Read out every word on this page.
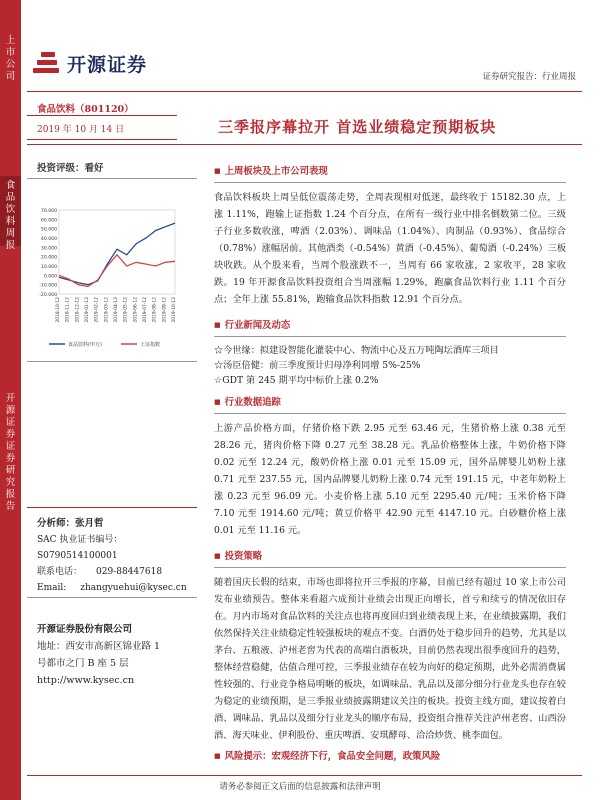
上
市
公
司
食
品
饮
料
周
报
开
源
证
券
证
券
研
究
报
告
开源证券
证券研究报告：行业周报
食品饮料（801120）
2019 年 10 月 14 日	三季报序幕拉开 首选业绩稳定预期板块
投资评级：看好
70.000
60.000
50.000
40.000
30.000
20.000
10.000
0.000
-10.000
-20.000
2018-10-12 2018-11-12 2018-12-12 2019-01-12 2019-02-12 2019-03-12 2019-04-12 2019-05-12 2019-06-12 2019-07-12 2019-08-12 2019-09-12 2019-10-12
食品饮料(申万)	上证指数
分析师：张月哲
SAC 执业证书编号：
S0790514100001
联系电话： 029-88447618
Email: zhangyuehui@kysec.cn
开源证券股份有限公司
地址：西安市高新区锦业路 1
号都市之门 B 座 5 层
http://www.kysec.cn
■ 上周板块及上市公司表现
食品饮料板块上周呈低位震荡走势，全周表现相对低迷，最终收于 15182.30 点，上涨 1.11%，跑输上证指数 1.24 个百分点，在所有一级行业中排名倒数第二位。三级子行业多数收涨，啤酒（2.03%）、调味品（1.04%）、肉制品（0.93%）、食品综合（0.78%）涨幅居前。其他酒类（-0.54%）黄酒（-0.45%）、葡萄酒（-0.24%）三板块收跌。从个股来看，当周个股涨跌不一，当周有 66 家收涨，2 家收平，28 家收跌。19 年开源食品饮料投资组合当周涨幅 1.29%，跑赢食品饮料行业 1.11 个百分点；全年上涨 55.81%，跑输食品饮料指数 12.91 个百分点。
■ 行业新闻及动态
☆今世缘：拟建设智能化灌装中心、物流中心及五万吨陶坛酒库三项目
☆汤臣倍健：前三季度预计归母净利同增 5%-25%
☆GDT 第 245 期平均中标价上涨 0.2%
■ 行业数据追踪
上游产品价格方面，仔猪价格下跌 2.95 元至 63.46 元，生猪价格上涨 0.38 元至 28.26 元，猪肉价格下降 0.27 元至 38.28 元。乳品价格整体上涨，牛奶价格下降 0.02 元至 12.24 元，酸奶价格上涨 0.01 元至 15.09 元，国外品牌婴儿奶粉上涨 0.71 元至 237.55 元，国内品牌婴儿奶粉上涨 0.74 元至 191.15 元，中老年奶粉上涨 0.23 元至 96.09 元。小麦价格上涨 5.10 元至 2295.40 元/吨；玉米价格下降 7.10 元至 1914.60 元/吨；黄豆价格平 42.90 元至 4147.10 元。白砂糖价格上涨 0.01 元至 11.16 元。
■ 投资策略
随着国庆长假的结束，市场也即将拉开三季报的序幕，目前已经有超过 10 家上市公司发布业绩预告。整体来看超六成预计业绩会出现正向增长，首亏和续亏的情况依旧存在。月内市场对食品饮料的关注点也将再度回归到业绩表现上来，在业绩披露期，我们依然保持关注业绩稳定性较强板块的观点不变。白酒仍处于稳步回升的趋势，尤其是以茅台、五粮液、泸州老窖为代表的高端白酒板块，目前仍然表现出很季度回升的趋势，整体经营稳健，估值合理可控，三季报业绩存在较为向好的稳定预期，此外必需消费属性较强的、行业竞争格局明晰的板块，如调味品、乳品以及部分细分行业龙头也存在较为稳定的业绩预期，是三季报业绩披露期建议关注的板块。投资主线方面，建议按着白酒、调味品、乳品以及细分行业龙头的顺序布局，投资组合推荐关注泸州老窖、山西汾酒、海天味业、伊利股份、重庆啤酒、安琪酵母、洽洽炒货、桃李面包。
■ 风险提示：宏观经济下行，食品安全问题，政策风险
请务必参阅正文后面的信息披露和法律声明
